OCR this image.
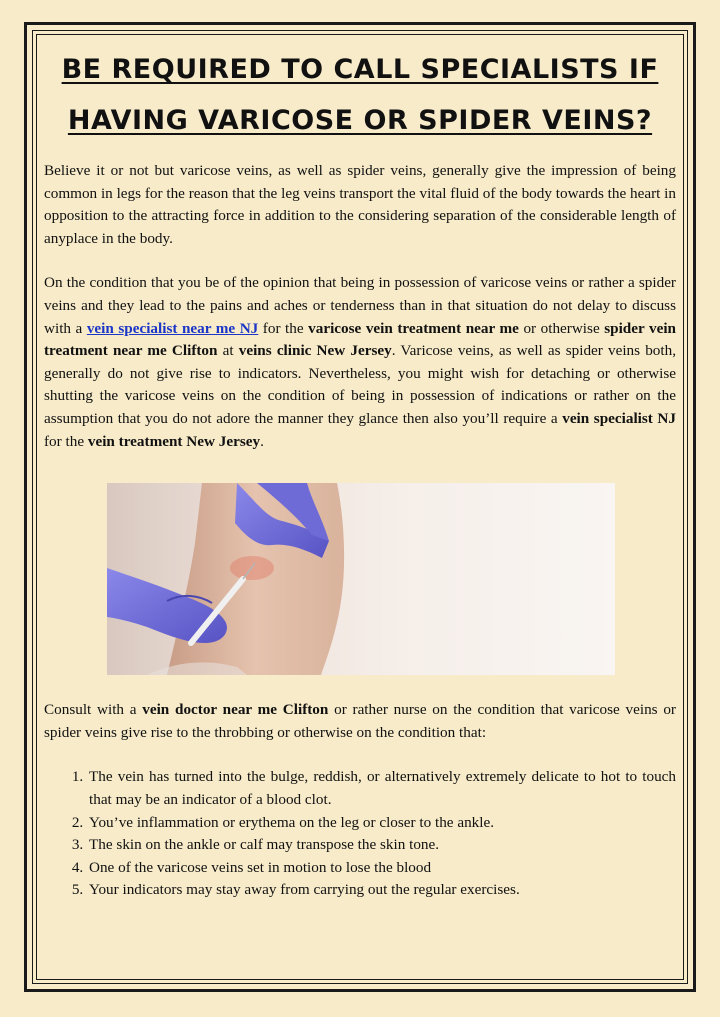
BE REQUIRED TO CALL SPECIALISTS IF
HAVING VARICOSE OR SPIDER VEINS?

Believe it or not but varicose veins, as well as spider veins, generally give the impression of being common in legs for the reason that the leg veins transport the vital fluid of the body towards the heart in opposition to the attracting force in addition to the considering separation of the considerable length of anyplace in the body.

On the condition that you be of the opinion that being in possession of varicose veins or rather a spider veins and they lead to the pains and aches or tenderness than in that situation do not delay to discuss with a vein specialist near me NJ for the varicose vein treatment near me or otherwise spider vein treatment near me Clifton at veins clinic New Jersey. Varicose veins, as well as spider veins both, generally do not give rise to indicators. Nevertheless, you might wish for detaching or otherwise shutting the varicose veins on the condition of being in possession of indications or rather on the assumption that you do not adore the manner they glance then also you’ll require a vein specialist NJ for the vein treatment New Jersey.

Consult with a vein doctor near me Clifton or rather nurse on the condition that varicose veins or spider veins give rise to the throbbing or otherwise on the condition that:

1. The vein has turned into the bulge, reddish, or alternatively extremely delicate to hot to touch that may be an indicator of a blood clot.
2. You’ve inflammation or erythema on the leg or closer to the ankle.
3. The skin on the ankle or calf may transpose the skin tone.
4. One of the varicose veins set in motion to lose the blood
5. Your indicators may stay away from carrying out the regular exercises.
